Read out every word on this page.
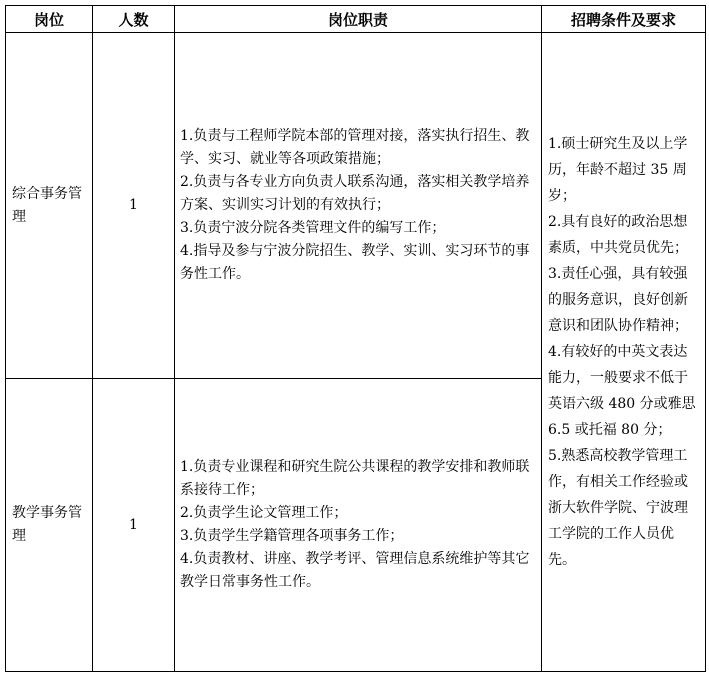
岗位	人数	岗位职责	招聘条件及要求
综合事务管理	1	1.负责与工程师学院本部的管理对接，落实执行招生、教学、实习、就业等各项政策措施；
2.负责与各专业方向负责人联系沟通，落实相关教学培养方案、实训实习计划的有效执行；
3.负责宁波分院各类管理文件的编写工作；
4.指导及参与宁波分院招生、教学、实训、实习环节的事务性工作。	1.硕士研究生及以上学历，年龄不超过 35 周岁；
2.具有良好的政治思想素质，中共党员优先；
3.责任心强，具有较强的服务意识，良好创新意识和团队协作精神；
4.有较好的中英文表达能力，一般要求不低于英语六级 480 分或雅思 6.5 或托福 80 分；
5.熟悉高校教学管理工作，有相关工作经验或浙大软件学院、宁波理工学院的工作人员优先。

教学事务管理	1	1.负责专业课程和研究生院公共课程的教学安排和教师联系接待工作；
2.负责学生论文管理工作；
3.负责学生学籍管理各项事务工作；
4.负责教材、讲座、教学考评、管理信息系统维护等其它教学日常事务性工作。	
